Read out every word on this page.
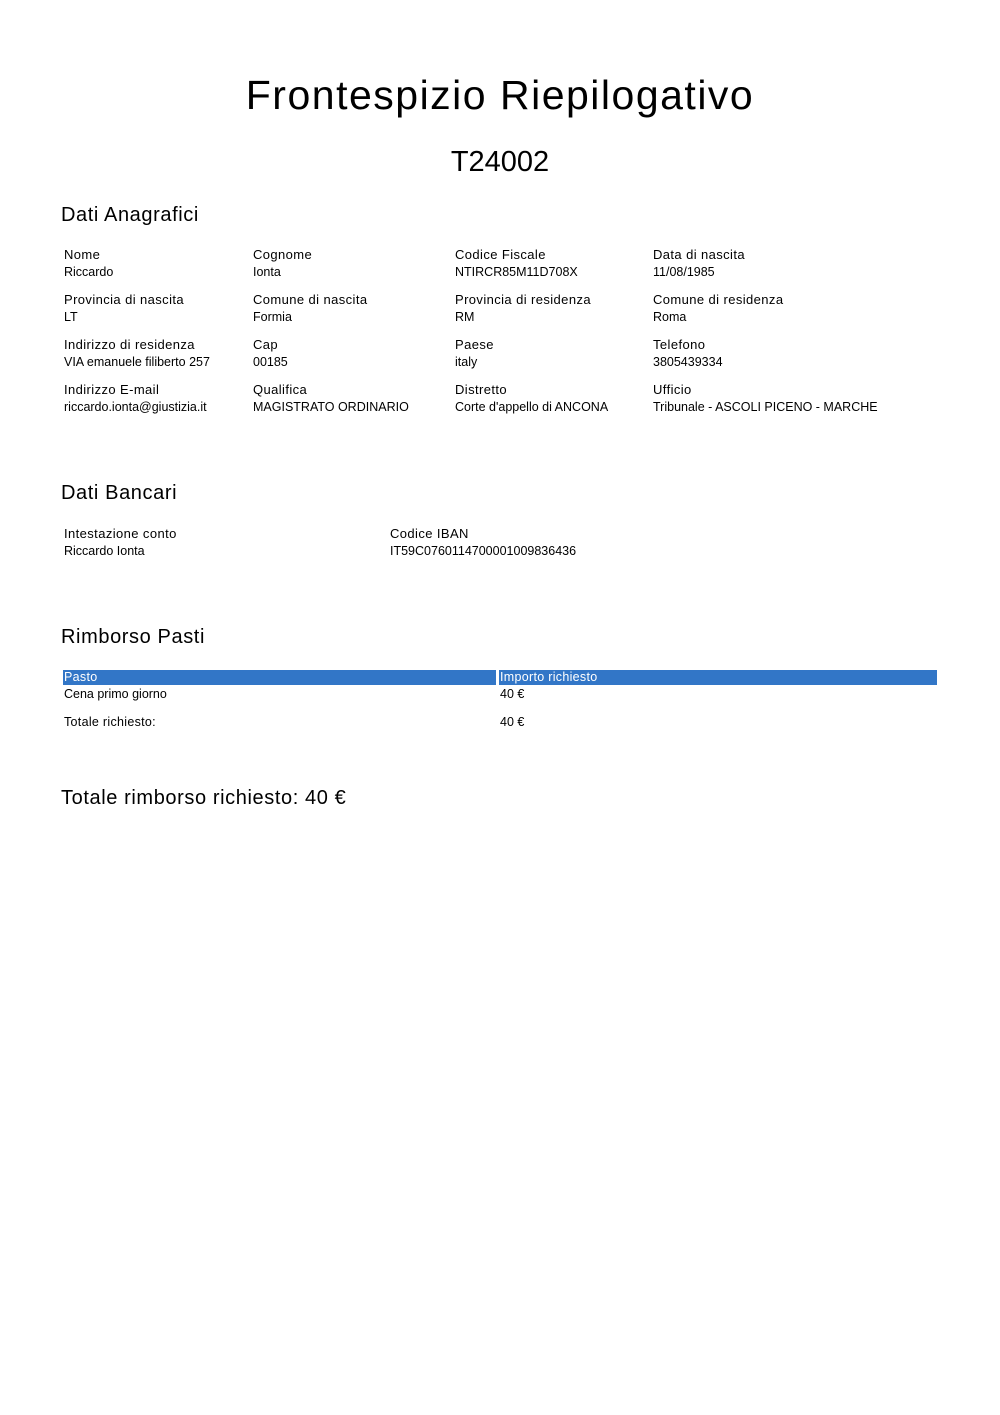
Frontespizio Riepilogativo
T24002
Dati Anagrafici
Nome
Riccardo
Cognome
Ionta
Codice Fiscale
NTIRCR85M11D708X
Data di nascita
11/08/1985
Provincia di nascita
LT
Comune di nascita
Formia
Provincia di residenza
RM
Comune di residenza
Roma
Indirizzo di residenza
VIA emanuele filiberto 257
Cap
00185
Paese
italy
Telefono
3805439334
Indirizzo E-mail
riccardo.ionta@giustizia.it
Qualifica
MAGISTRATO ORDINARIO
Distretto
Corte d'appello di ANCONA
Ufficio
Tribunale - ASCOLI PICENO - MARCHE
Dati Bancari
Intestazione conto
Riccardo Ionta
Codice IBAN
IT59C0760114700001009836436
Rimborso Pasti
Pasto	Importo richiesto
Cena primo giorno	40 €
Totale richiesto:	40 €
Totale rimborso richiesto: 40 €
